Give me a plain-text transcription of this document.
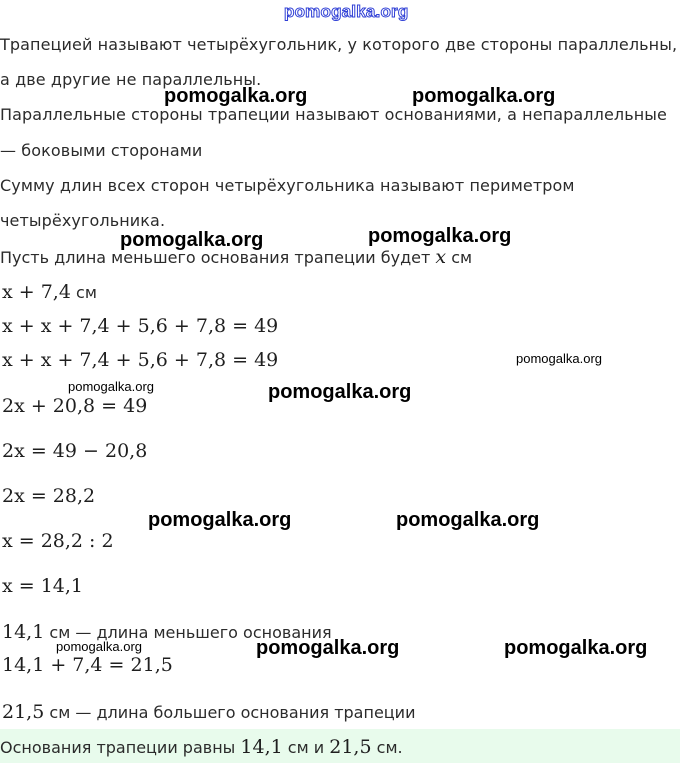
pomogalka.org
Трапецией называют четырёхугольник, у которого две стороны параллельны,
а две другие не параллельны.
Параллельные стороны трапеции называют основаниями, а непараллельные
— боковыми сторонами
Сумму длин всех сторон четырёхугольника называют периметром
четырёхугольника.
Пусть длина меньшего основания трапеции будет x см
x + 7,4 см
x + x + 7,4 + 5,6 + 7,8 = 49
x + x + 7,4 + 5,6 + 7,8 = 49
2x + 20,8 = 49
2x = 49 − 20,8
2x = 28,2
x = 28,2 : 2
x = 14,1
14,1 см — длина меньшего основания
14,1 + 7,4 = 21,5
21,5 см — длина большего основания трапеции
Основания трапеции равны 14,1 см и 21,5 см.
pomogalka.org	pomogalka.org
pomogalka.org	pomogalka.org
pomogalka.org
pomogalka.org	pomogalka.org
pomogalka.org	pomogalka.org
pomogalka.org	pomogalka.org	pomogalka.org
